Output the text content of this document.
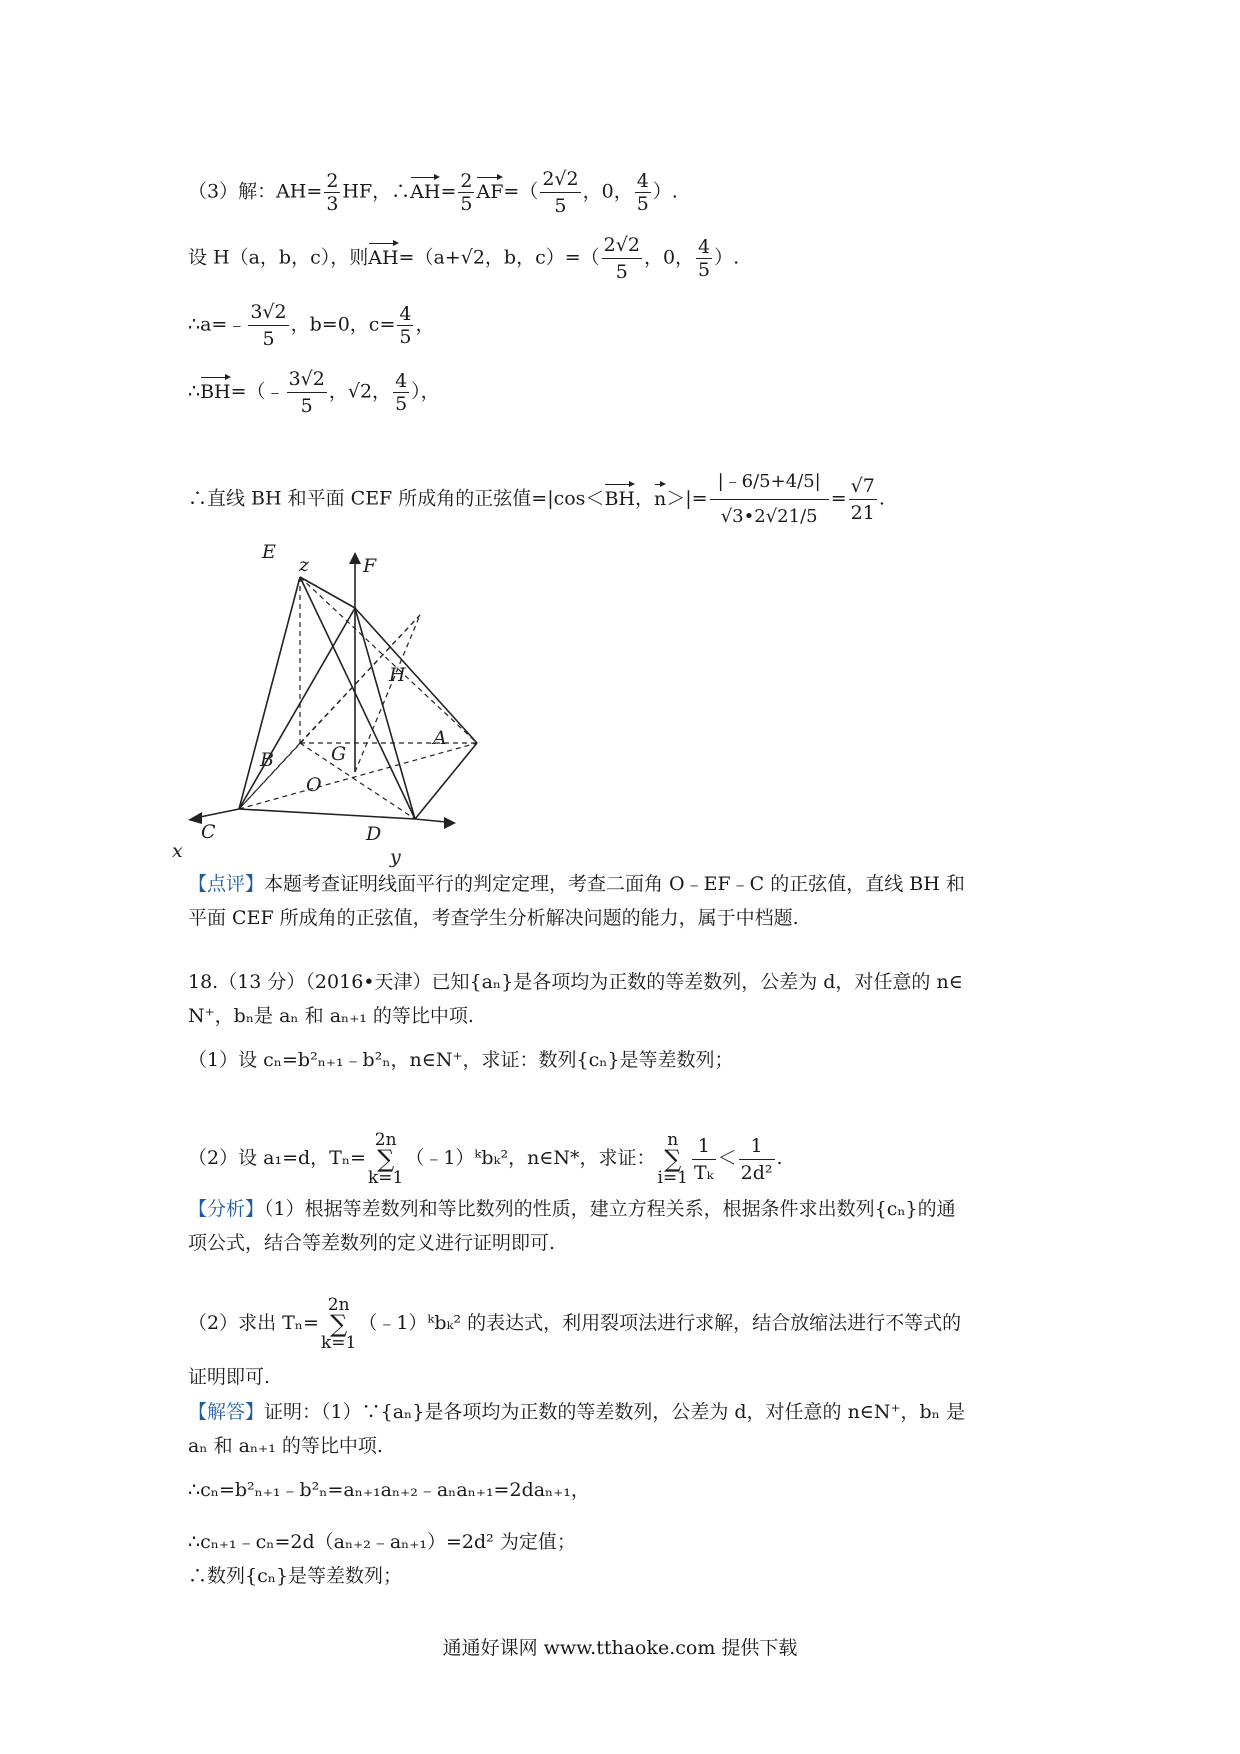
（3）解：$AH= \frac{2}{3}$ HF，∴AH= $\frac{2}{5} AF=( \frac{2√2}{5}$ ，0， $\frac{4}{5}$ ）.
设 H（a，b，c），则AH=（a+√2，b，$c)=( \frac{2√2}{5}$ ，0， $\frac{4}{5}$ ）.
∴a=﹣ $\frac{3√2}{5}$ ，b=0，$c= \frac{4}{5}$ ，
∴BH=（﹣ $\frac{3√2}{5}$ ，√2， $\frac{4}{5}$ ），
∴直线 BH 和平面 CEF 所成角的正弦值=|cos＜BH，$n>|= \frac{|﹣6/5+4/5|}{√3•2√21/5} = \frac{√7}{21}$ .
E
z	F
H
A
B	G
O
C	D
x	y
【点评】本题考查证明线面平行的判定定理，考查二面角 O﹣EF﹣C 的正弦值，直线 BH 和
平面 CEF 所成角的正弦值，考查学生分析解决问题的能力，属于中档题.
18.（13 分）（2016•天津）已知{aₙ}是各项均为正数的等差数列，公差为 d，对任意的 n∈
N⁺，bₙ是 aₙ 和 aₙ₊₁ 的等比中项.
（1）设 cₙ=b²ₙ₊₁﹣b²ₙ，n∈N⁺，求证：数列{cₙ}是等差数列；
（2）设 a₁=d，Tₙ=2n
∑
k=1（﹣1）ᵏbₖ²，n∈N*，求证：n
∑
$i=1 \frac{1}{\text{Tₖ}} < \frac{1}{\text{2d²}}$ .
【分析】（1）根据等差数列和等比数列的性质，建立方程关系，根据条件求出数列{cₙ}的通
项公式，结合等差数列的定义进行证明即可.
（2）求出 Tₙ=2n
∑
k=1（﹣1）ᵏbₖ² 的表达式，利用裂项法进行求解，结合放缩法进行不等式的
证明即可.
【解答】证明：（1）∵{aₙ}是各项均为正数的等差数列，公差为 d，对任意的 n∈N⁺，bₙ 是
aₙ 和 aₙ₊₁ 的等比中项.
∴cₙ=b²ₙ₊₁﹣b²ₙ=aₙ₊₁aₙ₊₂﹣aₙaₙ₊₁=2daₙ₊₁，
∴cₙ₊₁﹣cₙ=2d（aₙ₊₂﹣aₙ₊₁）=2d² 为定值；
∴数列{cₙ}是等差数列；
通通好课网 www.tthaoke.com 提供下载
